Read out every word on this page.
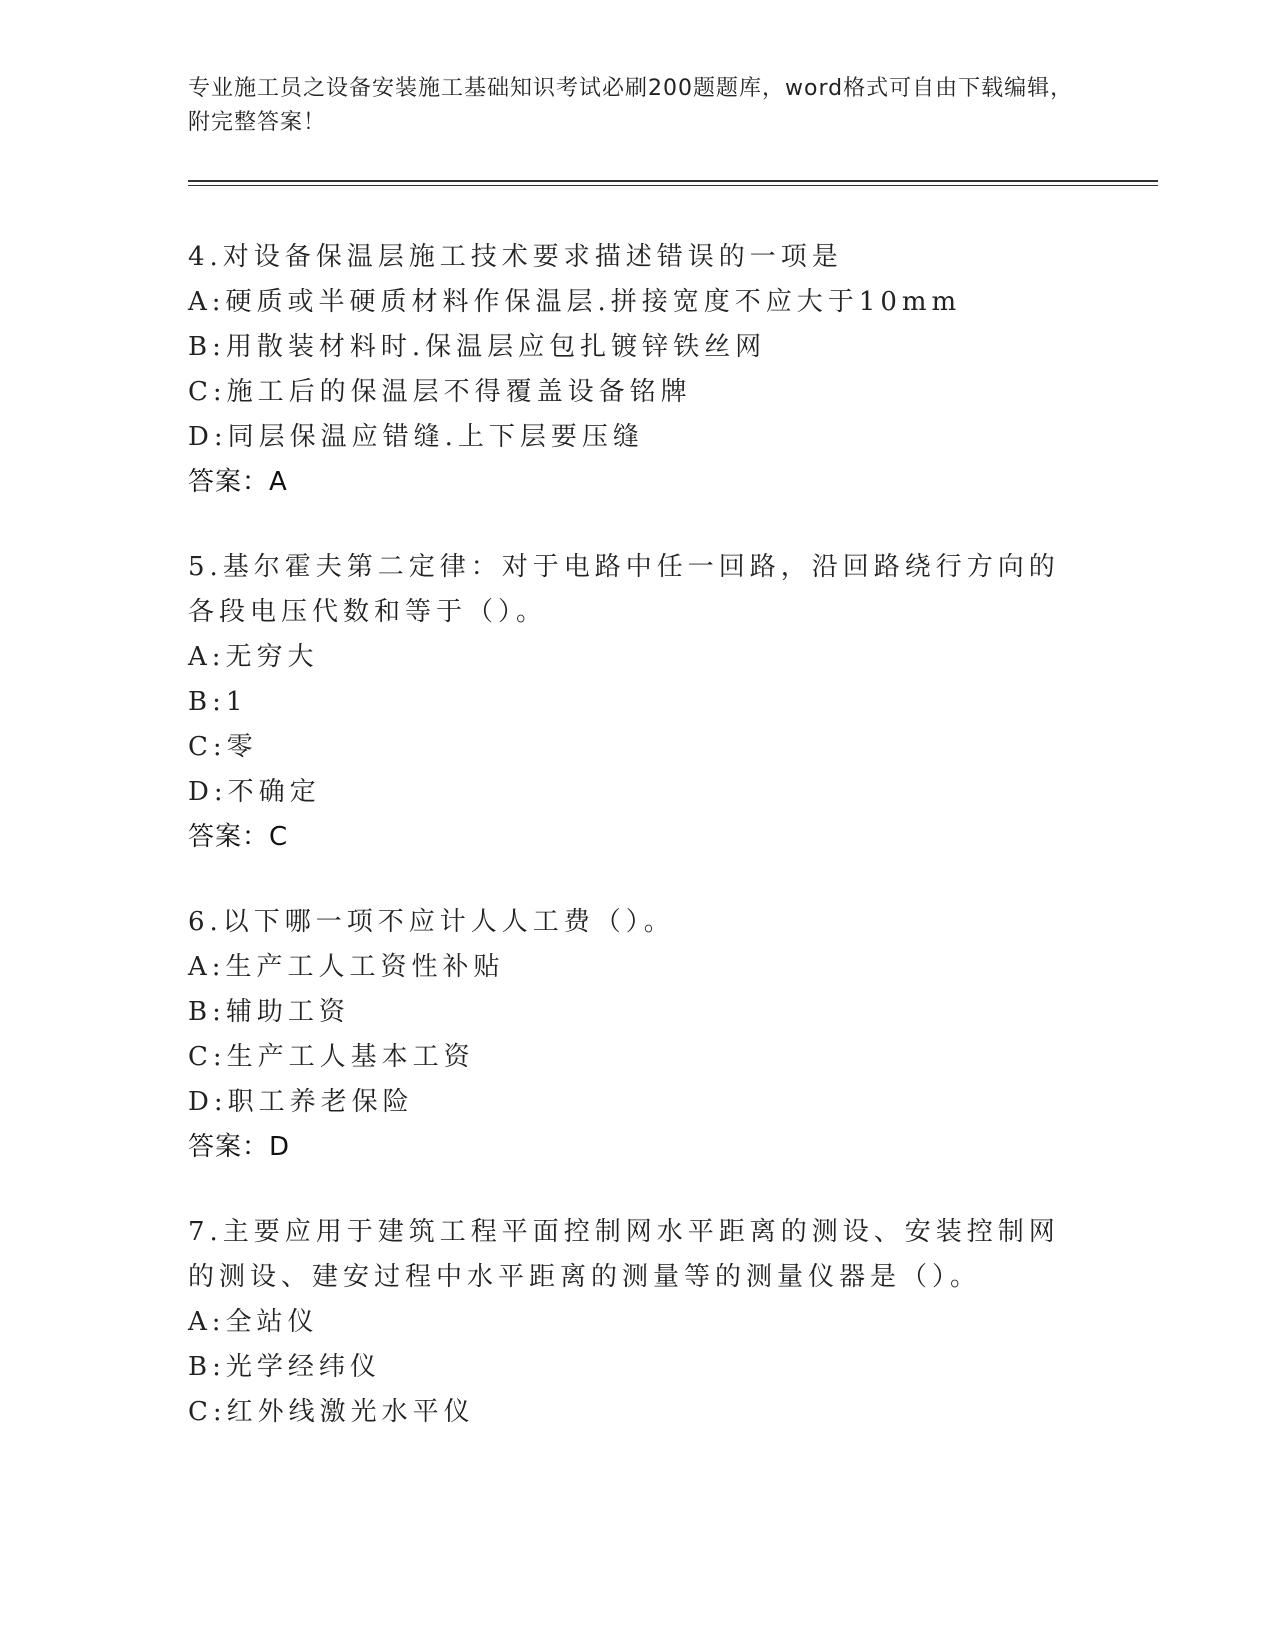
专业施工员之设备安装施工基础知识考试必刷200题题库，word格式可自由下载编辑，附完整答案！
4.对设备保温层施工技术要求描述错误的一项是
A:硬质或半硬质材料作保温层.拼接宽度不应大于10mm
B:用散装材料时.保温层应包扎镀锌铁丝网
C:施工后的保温层不得覆盖设备铭牌
D:同层保温应错缝.上下层要压缝
答案：A
5.基尔霍夫第二定律：对于电路中任一回路，沿回路绕行方向的各段电压代数和等于（）。
A:无穷大
B:1
C:零
D:不确定
答案：C
6.以下哪一项不应计人人工费（）。
A:生产工人工资性补贴
B:辅助工资
C:生产工人基本工资
D:职工养老保险
答案：D
7.主要应用于建筑工程平面控制网水平距离的测设、安装控制网的测设、建安过程中水平距离的测量等的测量仪器是（）。
A:全站仪
B:光学经纬仪
C:红外线激光水平仪
